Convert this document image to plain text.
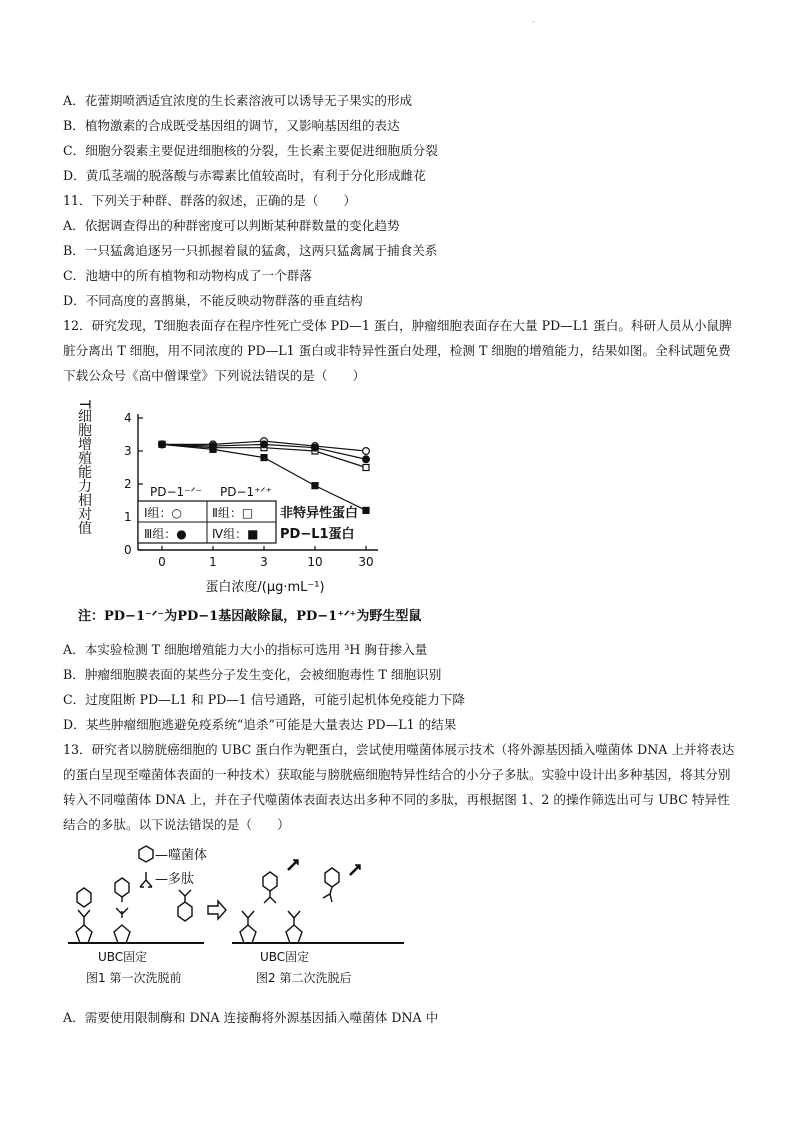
·
A．花蕾期喷洒适宜浓度的生长素溶液可以诱导无子果实的形成
B．植物激素的合成既受基因组的调节，又影响基因组的表达
C．细胞分裂素主要促进细胞核的分裂，生长素主要促进细胞质分裂
D．黄瓜茎端的脱落酸与赤霉素比值较高时，有利于分化形成雌花
11．下列关于种群、群落的叙述，正确的是（　　）
A．依据调查得出的种群密度可以判断某种群数量的变化趋势
B．一只猛禽追逐另一只抓握着鼠的猛禽，这两只猛禽属于捕食关系
C．池塘中的所有植物和动物构成了一个群落
D．不同高度的喜鹊巢，不能反映动物群落的垂直结构
12．研究发现，T细胞表面存在程序性死亡受体 PD—1 蛋白，肿瘤细胞表面存在大量 PD—L1 蛋白。科研人员从小鼠脾脏分离出 T 细胞，用不同浓度的 PD—L1 蛋白或非特异性蛋白处理，检测 T 细胞的增殖能力，结果如图。全科试题免费下载公众号《高中僧课堂》下列说法错误的是（　　）
0
1
2
3
4
0	1	3	10	30
T细胞增殖能力相对值
蛋白浓度/(μg·mL⁻¹)
PD−1⁻ᐟ⁻ PD−1⁺ᐟ⁺
Ⅰ组：○ Ⅱ组：□
Ⅲ组：● Ⅳ组：■
非特异性蛋白
PD−L1蛋白
注：PD−1⁻ᐟ⁻为PD−1基因敲除鼠，PD−1⁺ᐟ⁺为野生型鼠
A．本实验检测 T 细胞增殖能力大小的指标可选用 ³H 胸苷掺入量
B．肿瘤细胞膜表面的某些分子发生变化，会被细胞毒性 T 细胞识别
C．过度阻断 PD—L1 和 PD—1 信号通路，可能引起机体免疫能力下降
D．某些肿瘤细胞逃避免疫系统“追杀”可能是大量表达 PD—L1 的结果
13．研究者以膀胱癌细胞的 UBC 蛋白作为靶蛋白，尝试使用噬菌体展示技术（将外源基因插入噬菌体 DNA 上并将表达的蛋白呈现至噬菌体表面的一种技术）获取能与膀胱癌细胞特异性结合的小分子多肽。实验中设计出多种基因，将其分别转入不同噬菌体 DNA 上，并在子代噬菌体表面表达出多种不同的多肽，再根据图 1、2 的操作筛选出可与 UBC 特异性结合的多肽。以下说法错误的是（　　）
—噬菌体
—多肽
UBC固定	UBC固定
图1 第一次洗脱前	图2 第二次洗脱后
A．需要使用限制酶和 DNA 连接酶将外源基因插入噬菌体 DNA 中
